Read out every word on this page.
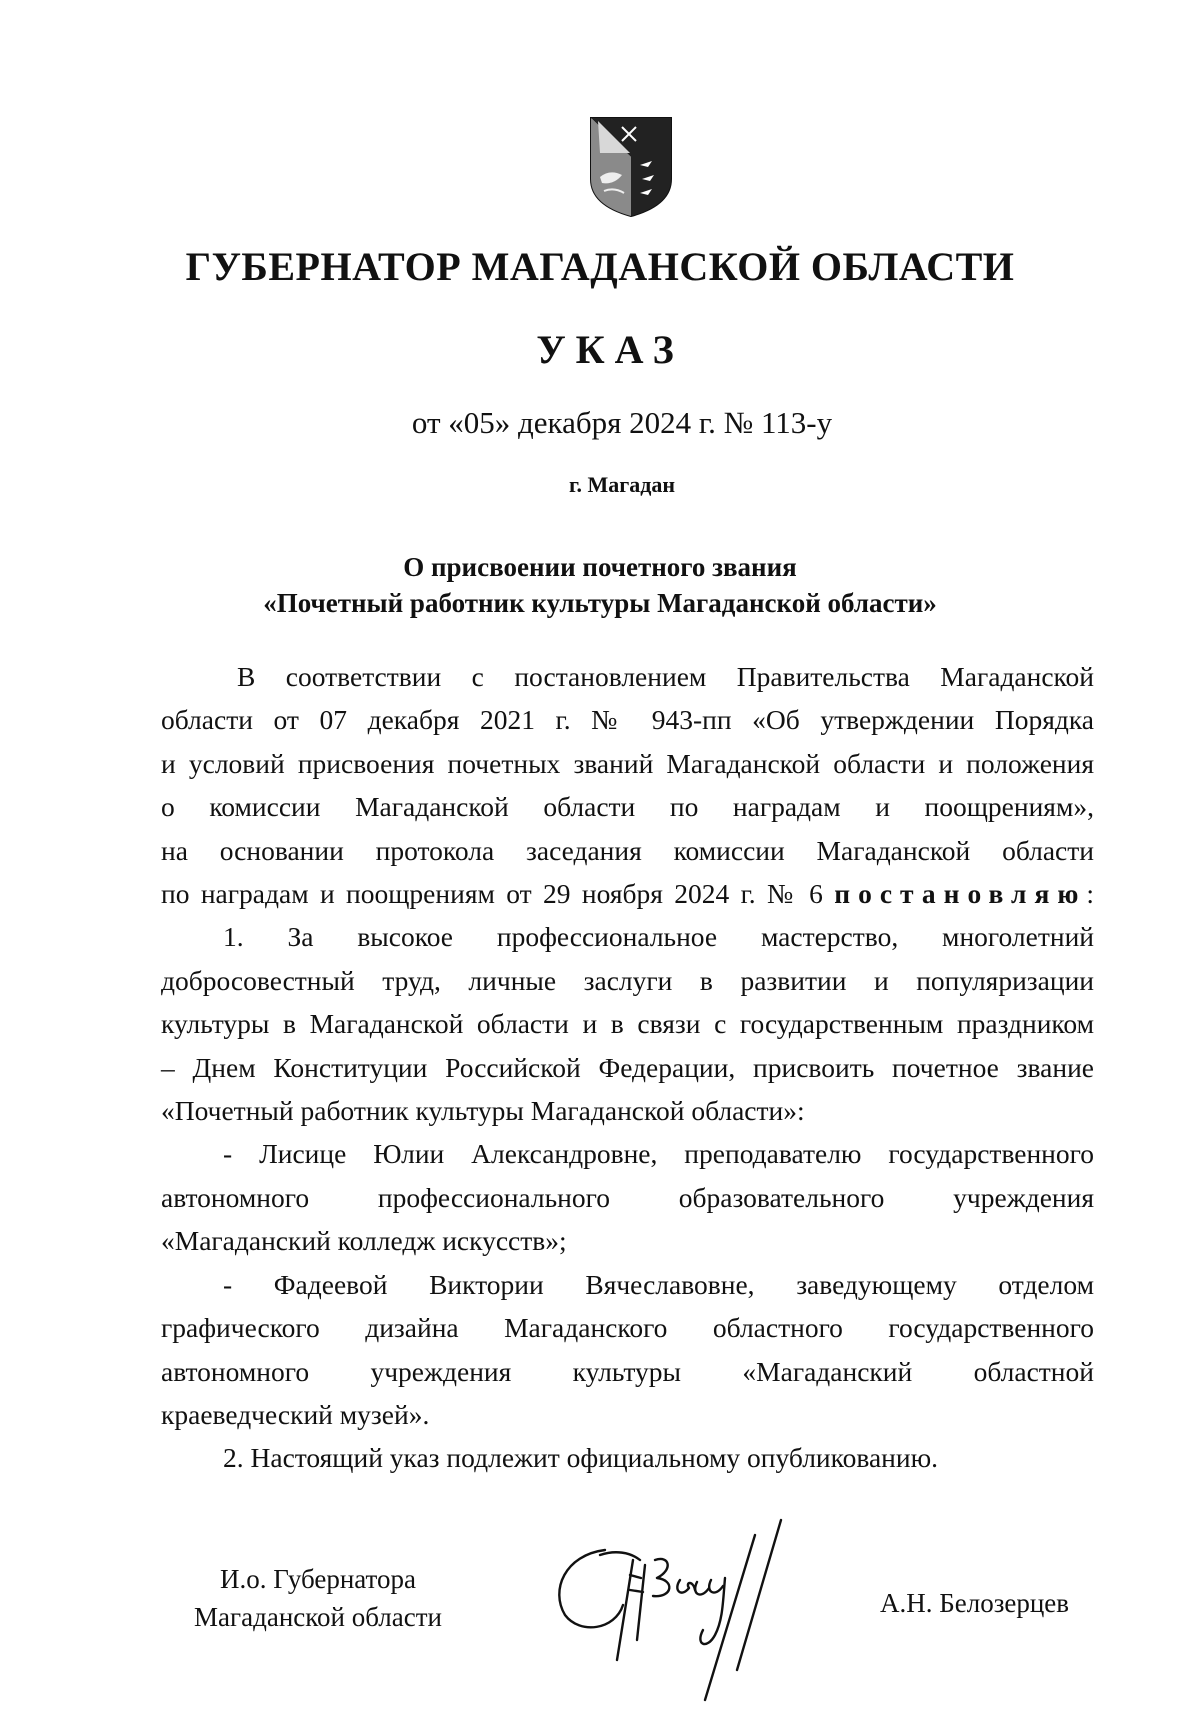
ГУБЕРНАТОР МАГАДАНСКОЙ ОБЛАСТИ
УКАЗ
от «05» декабря 2024 г. № 113-у
г. Магадан
О присвоении почетного звания
«Почетный работник культуры Магаданской области»

В соответствии с постановлением Правительства Магаданской

области от 07 декабря 2021 г. № 943-пп «Об утверждении Порядка

и условий присвоения почетных званий Магаданской области и положения

о комиссии Магаданской области по наградам и поощрениям»,

на основании протокола заседания комиссии Магаданской области

по наградам и поощрениям от 29 ноября 2024 г. № 6 постановляю:

1. За высокое профессиональное мастерство, многолетний

добросовестный труд, личные заслуги в развитии и популяризации

культуры в Магаданской области и в связи с государственным праздником

– Днем Конституции Российской Федерации, присвоить почетное звание

«Почетный работник культуры Магаданской области»:

- Лисице Юлии Александровне, преподавателю государственного

автономного профессионального образовательного учреждения

«Магаданский колледж искусств»;

- Фадеевой Виктории Вячеславовне, заведующему отделом

графического дизайна Магаданского областного государственного

автономного учреждения культуры «Магаданский областной

краеведческий музей».

2. Настоящий указ подлежит официальному опубликованию.

И.о. Губернатора
Магаданской области	А.Н. Белозерцев
